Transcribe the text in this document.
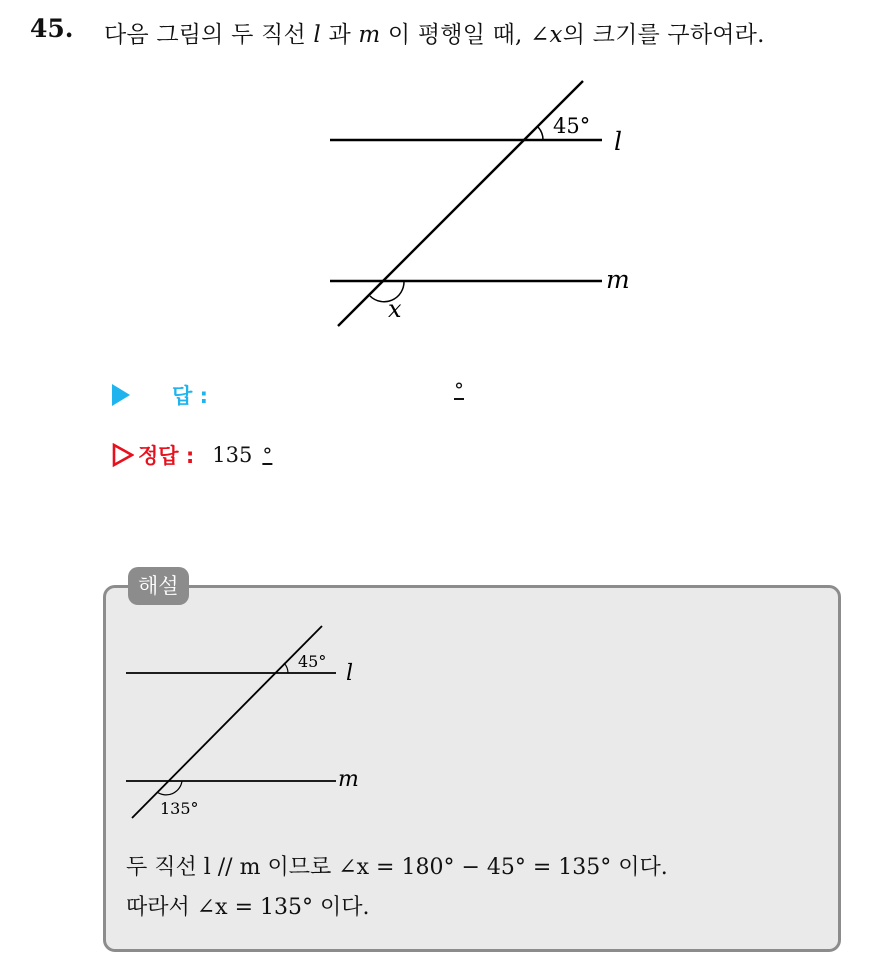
45. 다음 그림의 두 직선 l 과 m 이 평행일 때, ∠x의 크기를 구하여라.
45°
l
m
x
답 :	°
정답 : 135 °
해설
45° l
m
135°
두 직선 l // m 이므로 ∠x = 180° − 45° = 135° 이다.
따라서 ∠x = 135° 이다.
